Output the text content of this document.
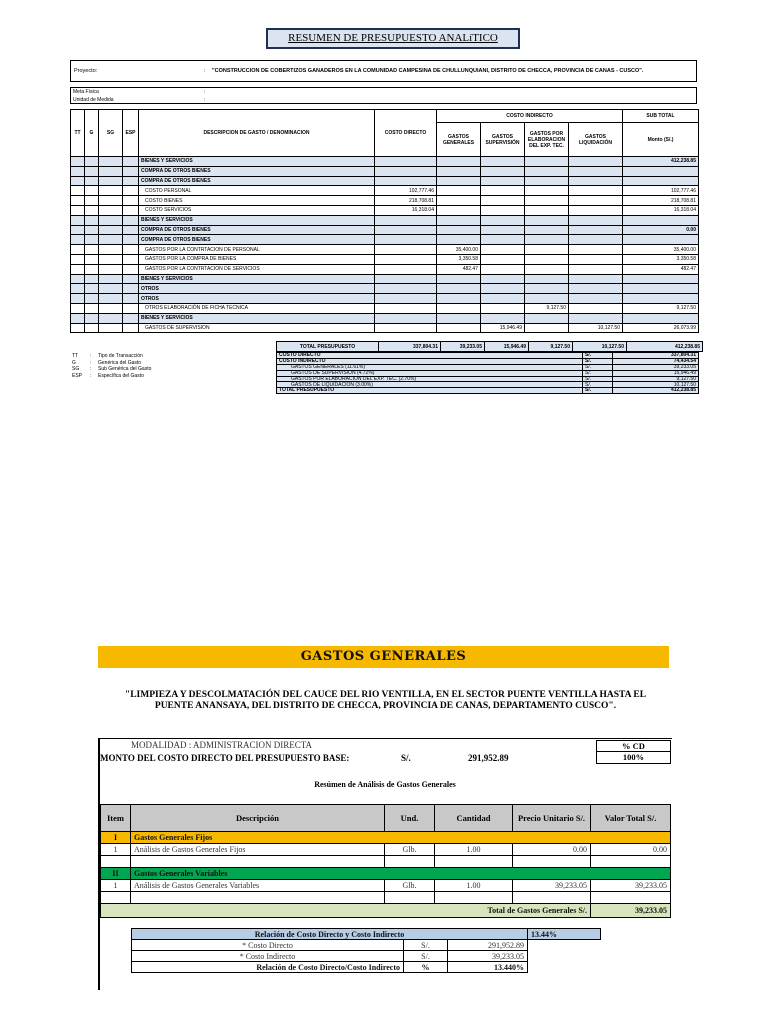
RESUMEN DE PRESUPUESTO ANALíTICO
Proyecto:	: "CONSTRUCCION DE COBERTIZOS GANADEROS EN LA COMUNIDAD CAMPESINA DE CHULLUNQUIANI, DISTRITO DE CHECCA, PROVINCIA DE CANAS - CUSCO".
Meta Física	:
Unidad de Medida	:
TT	G	SG	ESP	DESCRIPCION DE GASTO / DENOMINACION	COSTO DIRECTO	COSTO INDIRECTO				SUB TOTAL
						GASTOS GENERALES	GASTOS SUPERVISIÓN	GASTOS POR ELABORACION DEL EXP. TEC.	GASTOS LIQUIDACIÓN	Monto (S/.)
				BIENES Y SERVICIOS						412,238.85
				COMPRA DE OTROS BIENES						
				COMPRA DE OTROS BIENES						
				COSTO PERSONAL	102,777.46					102,777.46
				COSTO BIENES	218,708.81					218,708.81
				COSTO SERVICIOS	16,318.04					16,318.04
				BIENES Y SERVICIOS						
				COMPRA DE OTROS BIENES						0.00
				COMPRA DE OTROS BIENES						
				GASTOS POR LA CONTRTACION DE PERSONAL		35,400.00				35,400.00
				GASTOS POR LA COMPRA DE BIENES		3,350.58				3,350.58
				GASTOS POR LA CONTRTACION DE SERVICIOS		482.47				482.47
				BIENES Y SERVICIOS						
				OTROS						
				OTROS						
				OTROS ELABORACIÓN DE FICHA TECNICA				9,127.50		9,127.50
				BIENES Y SERVICIOS						
				GASTOS DE SUPERVISION			15,946.49		10,127.50	26,073.99
TOTAL PRESUPUESTO	337,804.31	39,233.05	15,946.49	9,127.50	10,127.50	412,238.85
COSTO DIRECTO	S/.	337,804.31
COSTO INDIRECTO	S/.	74,434.54
GASTOS GENERALES (11.61%)	S/.	39,233.05
GASTOS DE SUPERVISION (4.72%)	S/.	15,946.49
GASTOS POR ELABORACION DEL EXP. TEC. (2.70%)	S/.	9,127.50
GASTOS DE LIQUIDACION (3.00%)	S/.	10,127.50
TOTAL PRESUPUESTO	S/.	412,238.85
TT : Tipo de Transacción
G	: Genérica del Gasto
SG : Sub Genérica del Gasto
ESP : Específica del Gasto
GASTOS GENERALES
"LIMPIEZA Y DESCOLMATACIÓN DEL CAUCE DEL RIO VENTILLA, EN EL SECTOR PUENTE VENTILLA HASTA EL PUENTE ANANSAYA, DEL DISTRITO DE CHECCA, PROVINCIA DE CANAS, DEPARTAMENTO CUSCO".
MODALIDAD : ADMINISTRACION DIRECTA
MONTO DEL COSTO DIRECTO DEL PRESUPUESTO BASE:	S/.	291,952.89
% CD
100%
Resúmen de Análisis de Gastos Generales
Item	Descripción	Und.	Cantidad	Precio Unitario S/.	Valor Total S/.
I	Gastos Generales Fijos				
1	Análisis de Gastos Generales Fijos	Glb.	1.00	0.00	0.00

II	Gastos Generales Variables				
1	Análisis de Gastos Generales Variables	Glb.	1.00	39,233.05	39,233.05

Total de Gastos Generales S/.					39,233.05
Relación de Costo Directo y Costo Indirecto			13.44%
* Costo Directo	S/.	291,952.89	
* Costo Indirecto	S/.	39,233.05	
Relación de Costo Directo/Costo Indirecto	%	13.440%	
